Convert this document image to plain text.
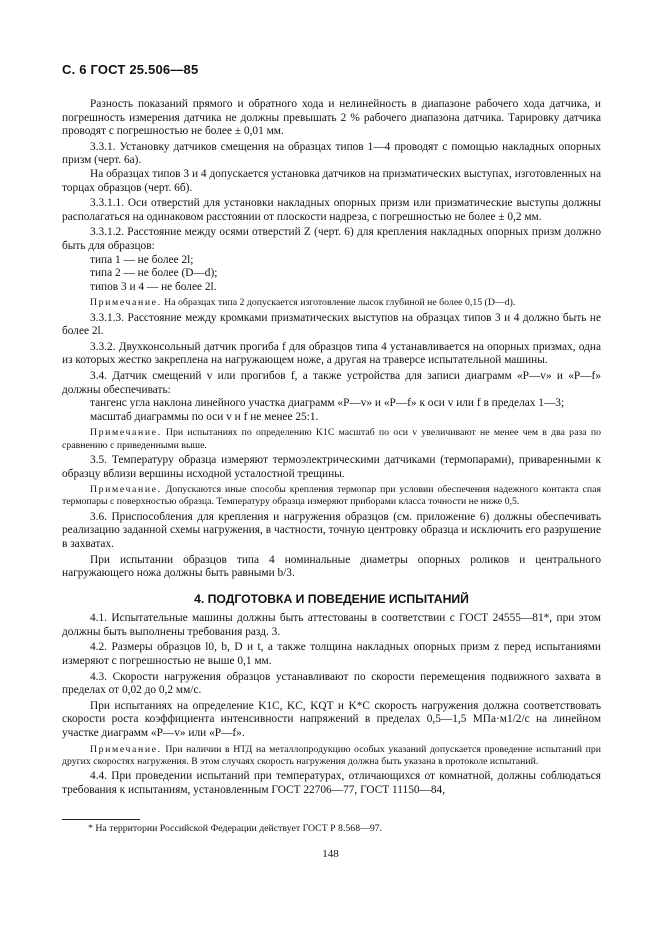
С. 6 ГОСТ 25.506—85

Разность показаний прямого и обратного хода и нелинейность в диапазоне рабочего хода датчика, и погрешность измерения датчика не должны превышать 2 % рабочего диапазона датчика. Тарировку датчика проводят с погрешностью не более ± 0,01 мм.

3.3.1. Установку датчиков смещения на образцах типов 1—4 проводят с помощью накладных опорных призм (черт. 6а).

На образцах типов 3 и 4 допускается установка датчиков на призматических выступах, изготовленных на торцах образцов (черт. 6б).

3.3.1.1. Оси отверстий для установки накладных опорных призм или призматические выступы должны располагаться на одинаковом расстоянии от плоскости надреза, с погрешностью не более ± 0,2 мм.

3.3.1.2. Расстояние между осями отверстий Z (черт. 6) для крепления накладных опорных призм должно быть для образцов:

типа 1 — не более 2l;

типа 2 — не более (D—d);

типов 3 и 4 — не более 2l.

Примечание. На образцах типа 2 допускается изготовление лысок глубиной не более 0,15 (D—d).

3.3.1.3. Расстояние между кромками призматических выступов на образцах типов 3 и 4 должно быть не более 2l.

3.3.2. Двухконсольный датчик прогиба f для образцов типа 4 устанавливается на опорных призмах, одна из которых жестко закреплена на нагружающем ноже, а другая на траверсе испытательной машины.

3.4. Датчик смещений v или прогибов f, а также устройства для записи диаграмм «P—v» и «P—f» должны обеспечивать:

тангенс угла наклона линейного участка диаграмм «P—v» и «P—f» к оси v или f в пределах 1—3;

масштаб диаграммы по оси v и f не менее 25:1.

Примечание. При испытаниях по определению K1C масштаб по оси v увеличивают не менее чем в два раза по сравнению с приведенными выше.

3.5. Температуру образца измеряют термоэлектрическими датчиками (термопарами), приваренными к образцу вблизи вершины исходной усталостной трещины.

Примечание. Допускаются иные способы крепления термопар при условии обеспечения надежного контакта спая термопары с поверхностью образца. Температуру образца измеряют приборами класса точности не ниже 0,5.

3.6. Приспособления для крепления и нагружения образцов (см. приложение 6) должны обеспечивать реализацию заданной схемы нагружения, в частности, точную центровку образца и исключить его разрушение в захватах.

При испытании образцов типа 4 номинальные диаметры опорных роликов и центрального нагружающего ножа должны быть равными b/3.

4. ПОДГОТОВКА И ПОВЕДЕНИЕ ИСПЫТАНИЙ

4.1. Испытательные машины должны быть аттестованы в соответствии с ГОСТ 24555—81*, при этом должны быть выполнены требования разд. 3.

4.2. Размеры образцов l0, b, D и t, а также толщина накладных опорных призм z перед испытаниями измеряют с погрешностью не выше 0,1 мм.

4.3. Скорости нагружения образцов устанавливают по скорости перемещения подвижного захвата в пределах от 0,02 до 0,2 мм/с.

При испытаниях на определение K1C, KC, KQT и K*C скорость нагружения должна соответствовать скорости роста коэффициента интенсивности напряжений в пределах 0,5—1,5 МПа·м1/2/с на линейном участке диаграмм «P—v» или «P—f».

Примечание. При наличии в НТД на металлопродукцию особых указаний допускается проведение испытаний при других скоростях нагружения. В этом случаях скорость нагружения должна быть указана в протоколе испытаний.

4.4. При проведении испытаний при температурах, отличающихся от комнатной, должны соблюдаться требования к испытаниям, установленным ГОСТ 22706—77, ГОСТ 11150—84,

* На территории Российской Федерации действует ГОСТ Р 8.568—97.
148
